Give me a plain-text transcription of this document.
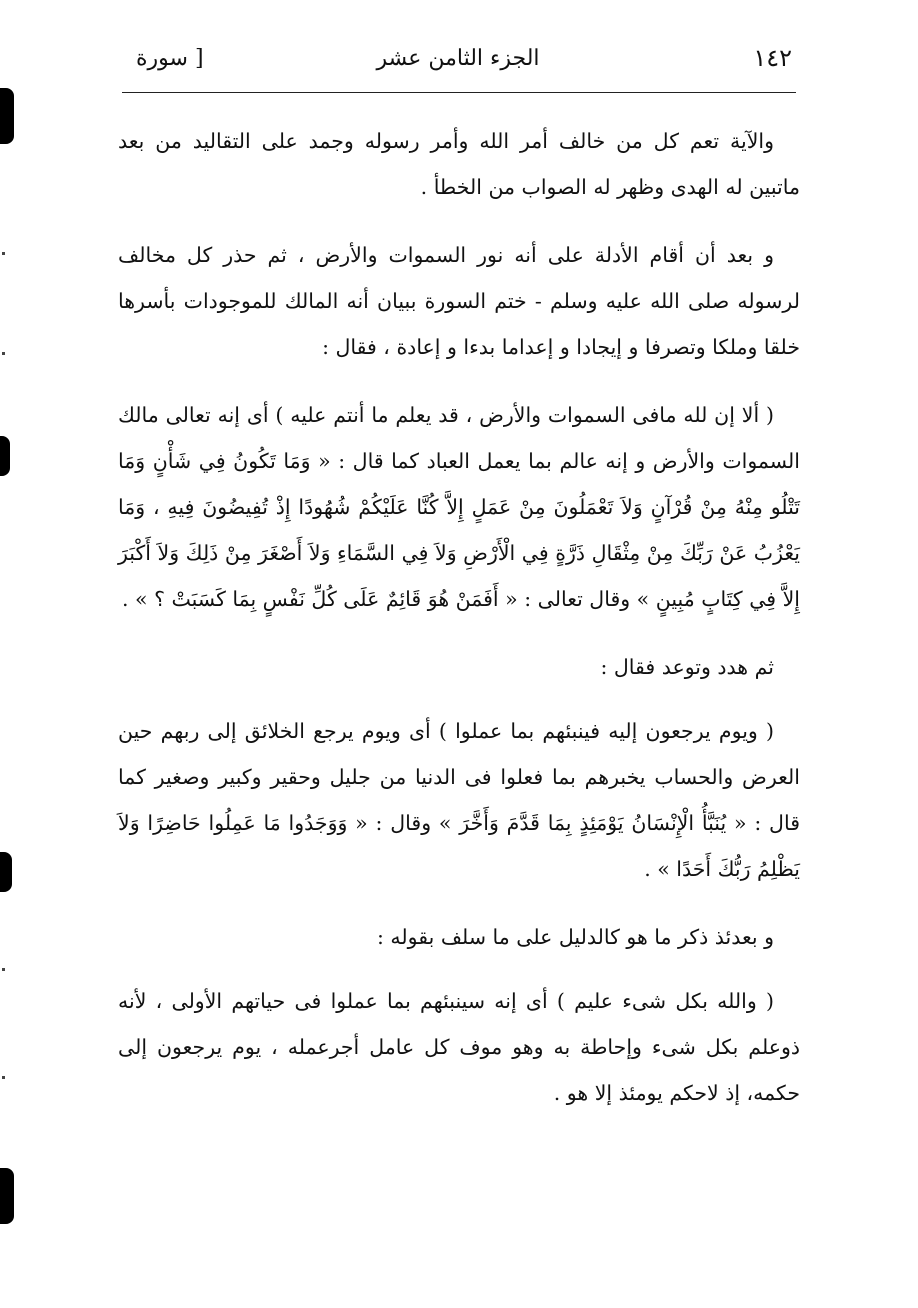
١٤٢
الجزء الثامن عشر
[ سورة

والآية تعم كل من خالف أمر الله وأمر رسوله وجمد على التقاليد من بعد ماتبين له الهدى وظهر له الصواب من الخطأ .

و بعد أن أقام الأدلة على أنه نور السموات والأرض ، ثم حذر كل مخالف لرسوله صلى الله عليه وسلم - ختم السورة ببيان أنه المالك للموجودات بأسرها خلقا وملكا وتصرفا و إيجادا و إعداما بدءا و إعادة ، فقال :

( ألا إن لله مافى السموات والأرض ، قد يعلم ما أنتم عليه ) أى إنه تعالى مالك السموات والأرض و إنه عالم بما يعمل العباد كما قال : « وَمَا تَكُونُ فِي شَأْنٍ وَمَا تَتْلُو مِنْهُ مِنْ قُرْآنٍ وَلاَ تَعْمَلُونَ مِنْ عَمَلٍ إِلاَّ كُنَّا عَلَيْكُمْ شُهُودًا إِذْ تُفِيضُونَ فِيهِ ، وَمَا يَعْزُبُ عَنْ رَبِّكَ مِنْ مِثْقَالِ ذَرَّةٍ فِي الْأَرْضِ وَلاَ فِي السَّمَاءِ وَلاَ أَصْغَرَ مِنْ ذَلِكَ وَلاَ أَكْبَرَ إِلاَّ فِي كِتَابٍ مُبِينٍ » وقال تعالى : « أَفَمَنْ هُوَ قَائِمٌ عَلَى كُلِّ نَفْسٍ بِمَا كَسَبَتْ ؟ » .

ثم هدد وتوعد فقال :

( ويوم يرجعون إليه فينبئهم بما عملوا ) أى ويوم يرجع الخلائق إلى ربهم حين العرض والحساب يخبرهم بما فعلوا فى الدنيا من جليل وحقير وكبير وصغير كما قال : « يُنَبَّأُ الْإِنْسَانُ يَوْمَئِذٍ بِمَا قَدَّمَ وَأَخَّرَ » وقال : « وَوَجَدُوا مَا عَمِلُوا حَاضِرًا وَلاَ يَظْلِمُ رَبُّكَ أَحَدًا » .

و بعدئذ ذكر ما هو كالدليل على ما سلف بقوله :

( والله بكل شىء عليم ) أى إنه سينبئهم بما عملوا فى حياتهم الأولى ، لأنه ذوعلم بكل شىء وإحاطة به وهو موف كل عامل أجرعمله ، يوم يرجعون إلى حكمه، إذ لاحكم يومئذ إلا هو .
